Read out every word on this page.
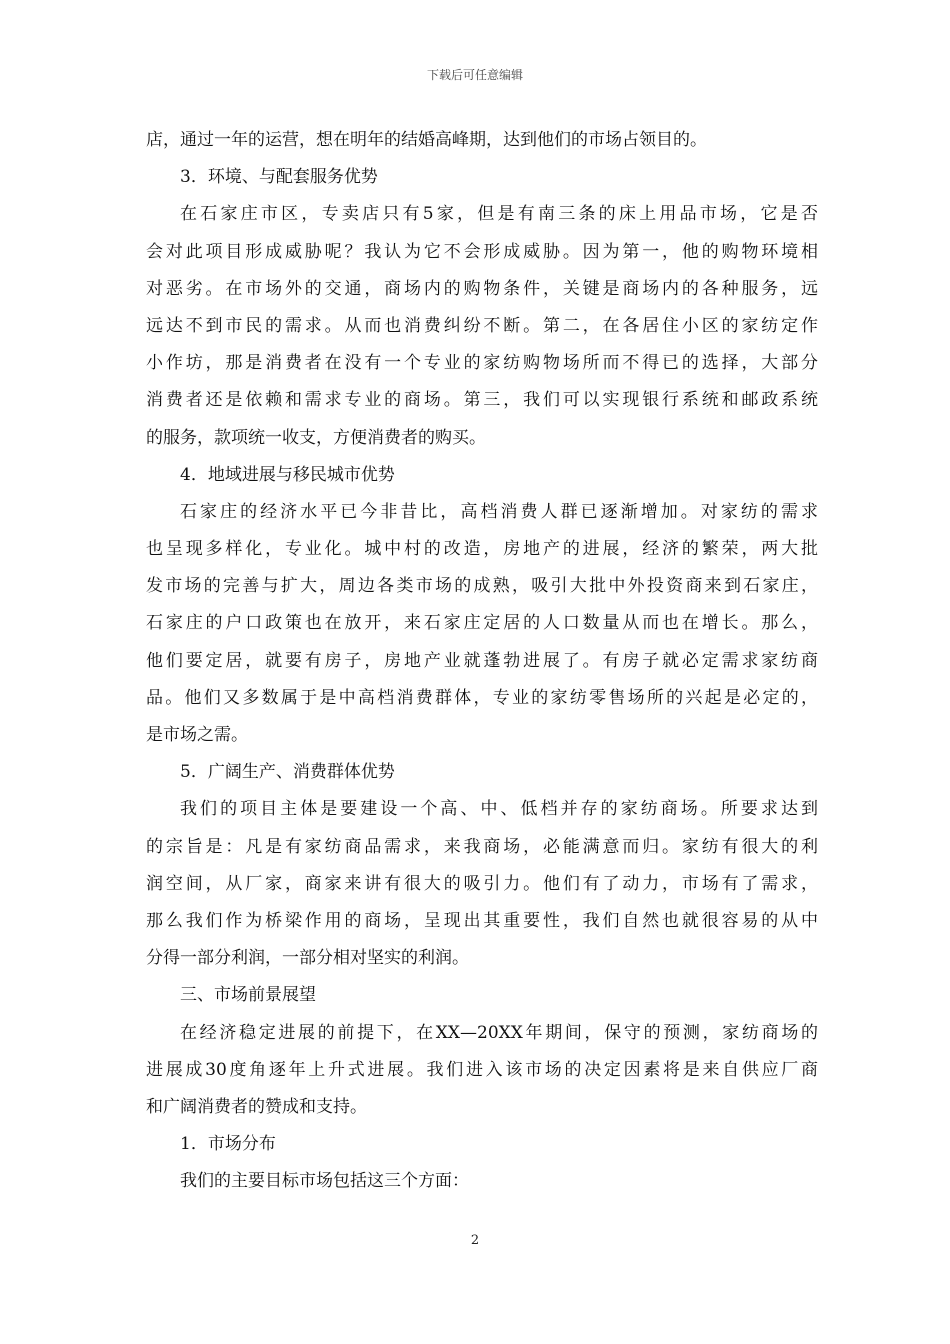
下载后可任意编辑
店，通过一年的运营，想在明年的结婚高峰期，达到他们的市场占领目的。
3．环境、与配套服务优势
在石家庄市区，专卖店只有5家，但是有南三条的床上用品市场，它是否
会对此项目形成威胁呢？我认为它不会形成威胁。因为第一，他的购物环境相
对恶劣。在市场外的交通，商场内的购物条件，关键是商场内的各种服务，远
远达不到市民的需求。从而也消费纠纷不断。第二，在各居住小区的家纺定作
小作坊，那是消费者在没有一个专业的家纺购物场所而不得已的选择，大部分
消费者还是依赖和需求专业的商场。第三，我们可以实现银行系统和邮政系统
的服务，款项统一收支，方便消费者的购买。
4．地域进展与移民城市优势
石家庄的经济水平已今非昔比，高档消费人群已逐渐增加。对家纺的需求
也呈现多样化，专业化。城中村的改造，房地产的进展，经济的繁荣，两大批
发市场的完善与扩大，周边各类市场的成熟，吸引大批中外投资商来到石家庄，
石家庄的户口政策也在放开，来石家庄定居的人口数量从而也在增长。那么，
他们要定居，就要有房子，房地产业就蓬勃进展了。有房子就必定需求家纺商
品。他们又多数属于是中高档消费群体，专业的家纺零售场所的兴起是必定的，
是市场之需。
5．广阔生产、消费群体优势
我们的项目主体是要建设一个高、中、低档并存的家纺商场。所要求达到
的宗旨是：凡是有家纺商品需求，来我商场，必能满意而归。家纺有很大的利
润空间，从厂家，商家来讲有很大的吸引力。他们有了动力，市场有了需求，
那么我们作为桥梁作用的商场，呈现出其重要性，我们自然也就很容易的从中
分得一部分利润，一部分相对坚实的利润。
三、市场前景展望
在经济稳定进展的前提下，在XX—20XX年期间，保守的预测，家纺商场的
进展成30度角逐年上升式进展。我们进入该市场的决定因素将是来自供应厂商
和广阔消费者的赞成和支持。
1．市场分布
我们的主要目标市场包括这三个方面：
2
